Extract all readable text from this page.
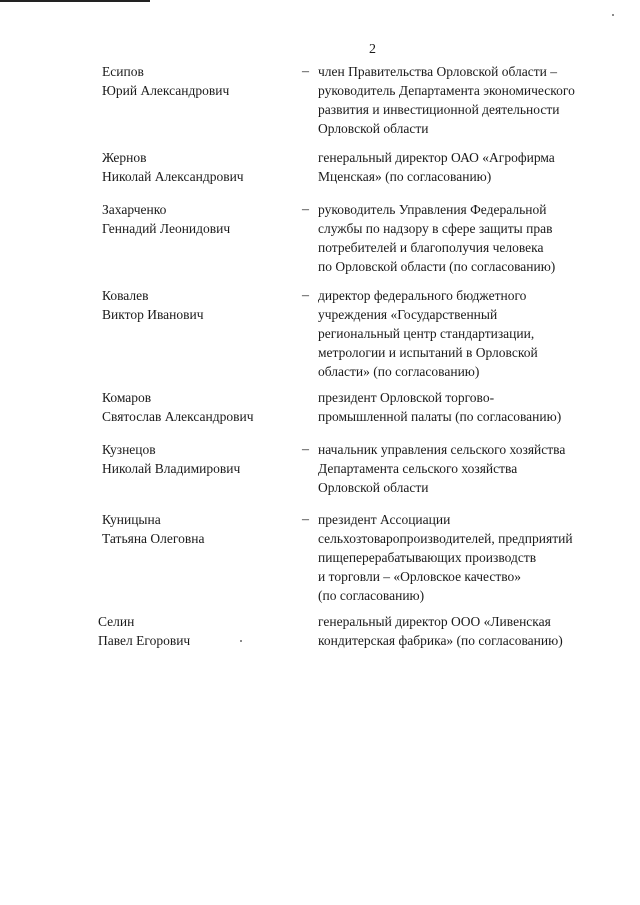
2
Есипов
Юрий Александрович
– член Правительства Орловской области –
руководитель Департамента экономического
развития и инвестиционной деятельности
Орловской области
Жернов
Николай Александрович
генеральный директор ОАО «Агрофирма
Мценская» (по согласованию)
Захарченко
Геннадий Леонидович
– руководитель Управления Федеральной
службы по надзору в сфере защиты прав
потребителей и благополучия человека
по Орловской области (по согласованию)
Ковалев
Виктор Иванович
– директор федерального бюджетного
учреждения «Государственный
региональный центр стандартизации,
метрологии и испытаний в Орловской
области» (по согласованию)
Комаров
Святослав Александрович
президент Орловской торгово-
промышленной палаты (по согласованию)
Кузнецов
Николай Владимирович
– начальник управления сельского хозяйства
Департамента сельского хозяйства
Орловской области
Куницына
Татьяна Олеговна
– президент Ассоциации
сельхозтоваропроизводителей, предприятий
пищеперерабатывающих производств
и торговли – «Орловское качество»
(по согласованию)
Селин
Павел Егорович
генеральный директор ООО «Ливенская
кондитерская фабрика» (по согласованию)
